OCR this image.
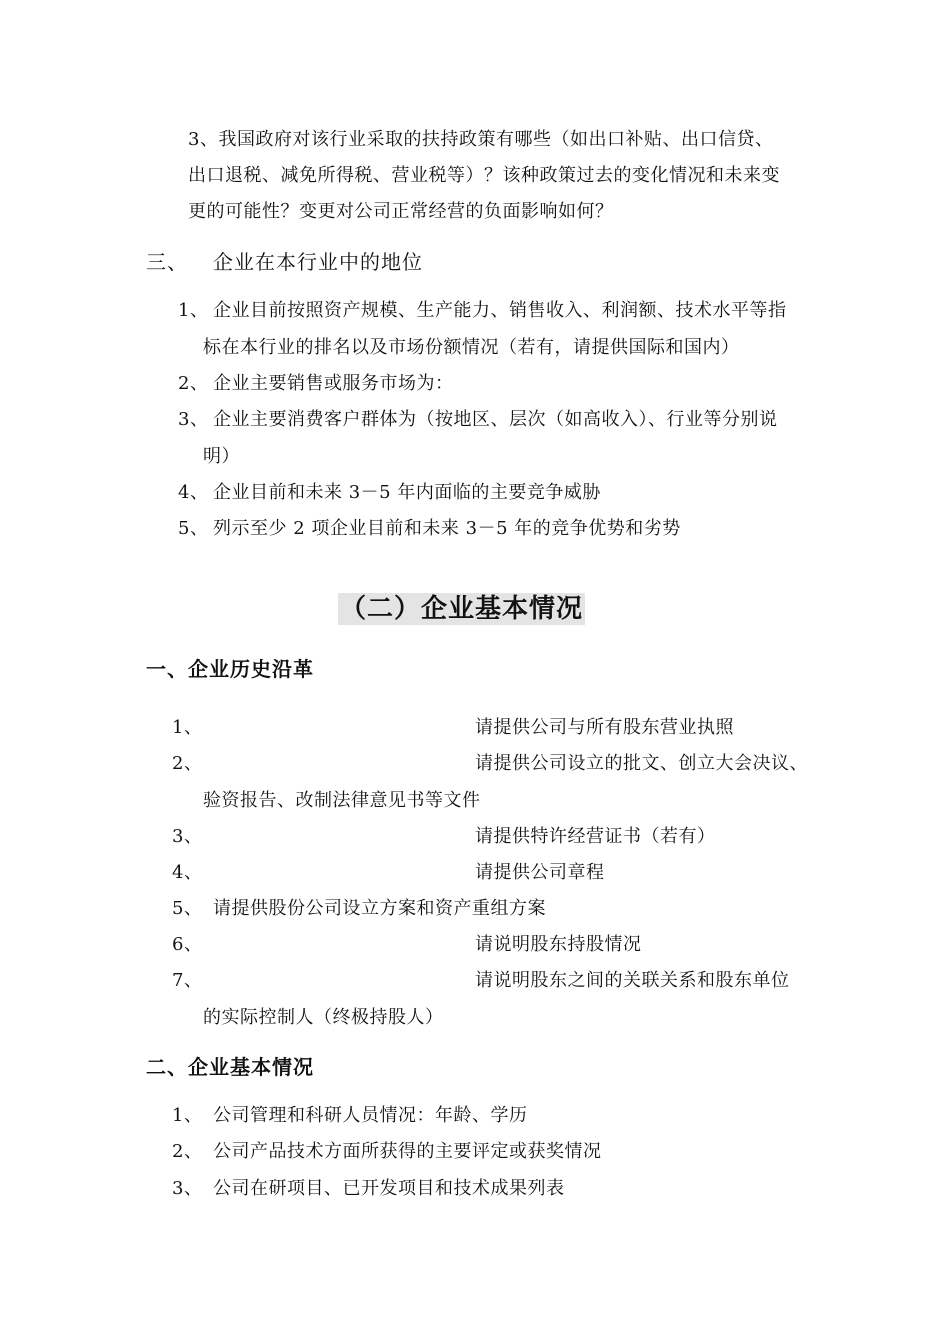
3、我国政府对该行业采取的扶持政策有哪些（如出口补贴、出口信贷、
出口退税、减免所得税、营业税等）？该种政策过去的变化情况和未来变
更的可能性？变更对公司正常经营的负面影响如何？
三、 企业在本行业中的地位
1、 企业目前按照资产规模、生产能力、销售收入、利润额、技术水平等指
标在本行业的排名以及市场份额情况（若有，请提供国际和国内）
2、 企业主要销售或服务市场为：
3、 企业主要消费客户群体为（按地区、层次（如高收入）、行业等分别说
明）
4、 企业目前和未来 3－5 年内面临的主要竞争威胁
5、 列示至少 2 项企业目前和未来 3－5 年的竞争优势和劣势
（二）企业基本情况
一、企业历史沿革
1、	请提供公司与所有股东营业执照
2、	请提供公司设立的批文、创立大会决议、
验资报告、改制法律意见书等文件
3、	请提供特许经营证书（若有）
4、	请提供公司章程
5、 请提供股份公司设立方案和资产重组方案
6、	请说明股东持股情况
7、	请说明股东之间的关联关系和股东单位
的实际控制人（终极持股人）
二、企业基本情况
1、 公司管理和科研人员情况：年龄、学历
2、 公司产品技术方面所获得的主要评定或获奖情况
3、 公司在研项目、已开发项目和技术成果列表
